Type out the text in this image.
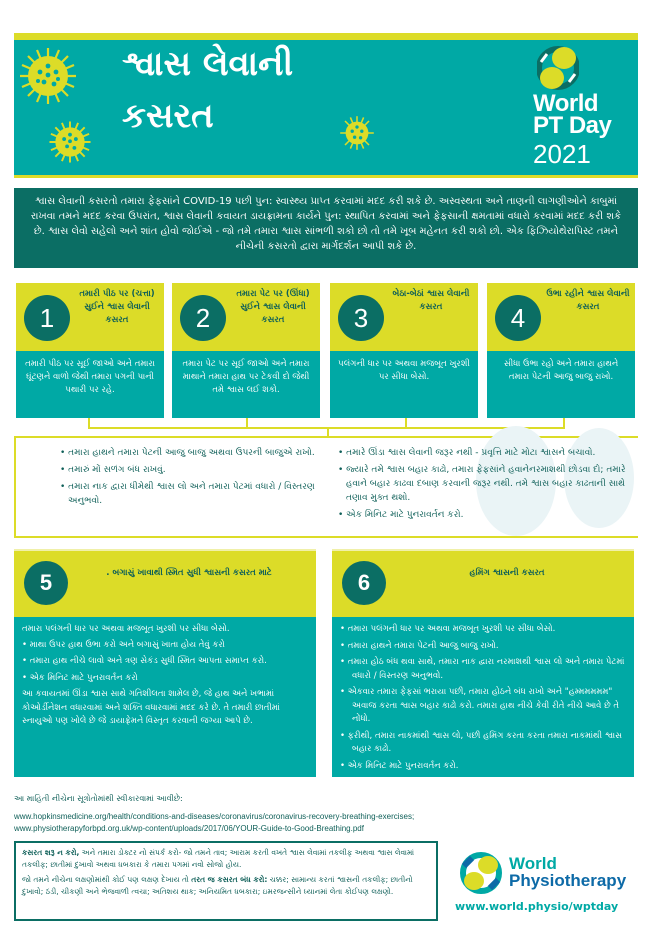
શ્વાસ લેવાની
કસરત	World
PT Day
2021
શ્વાસ લેવાની કસરતો તમારા ફેફસાંને COVID-19 પછી પુન: સ્વાસ્થ્ય પ્રાપ્ત કરવામાં મદદ કરી શકે છે. અસ્વસ્થતા અને તાણની લાગણીઓને કાબુમાં રાખવા તમને મદદ કરવા ઉપરાંત, શ્વાસ લેવાની કવાયત ડાયફ્રામના કાર્યને પુન: સ્થાપિત કરવામાં અને ફેફસાની ક્ષમતામાં વધારો કરવામાં મદદ કરી શકે છે. શ્વાસ લેવો સહેલો અને શાંત હોવો જોઈએ - જો તમે તમારા શ્વાસ સાંભળી શકો છો તો તમે ખૂબ મહેનત કરી શકો છો. એક ફિઝિયોથેરાપિસ્ટ તમને નીચેની કસરતો દ્વારા માર્ગદર્શન આપી શકે છે.
1
તમારી પીઠ પર (ચત્તા) સુઈને શ્વાસ લેવાની કસરત
તમારી પીઠ પર સૂઈ જાઓ અને તમારા ઘૂંટણને વાળો જેથી તમારા પગની પાની પથારી પર રહે.
2
તમારા પેટ પર (ઊંધા) સુઈને શ્વાસ લેવાની કસરત
તમારા પેટ પર સૂઈ જાઓ અને તમારા માથાને તમારા હાથ પર ટેકવી દો જેથી તમે શ્વાસ લઈ શકો.
3
બેઠા-બેઠાં શ્વાસ લેવાની કસરત
પલંગની ધાર પર અથવા મજબૂત ખુરશી પર સીધા બેસો.
4
ઉભા રહીને શ્વાસ લેવાની કસરત
સીધા ઉભા રહો અને તમારા હાથને તમારા પેટની આજુ બાજુ રાખો.
• તમારા હાથને તમારા પેટની આજુ બાજુ અથવા ઉપરની બાજુએ રાખો.
• તમારું મોં સળંગ બંધ રાખવું.
• તમારા નાક દ્વારા ધીમેથી શ્વાસ લો અને તમારા પેટમાં વધારો / વિસ્તરણ અનુભવો.
• તમારે ઊંડા શ્વાસ લેવાની જરૂર નથી - પ્રવૃત્તિ માટે મોટા શ્વાસને બચાવો.
• જ્યારે તમે શ્વાસ બહાર કાઢો, તમારા ફેફસાંને હવાનેનરમાશથી છોડવા દો; તમારે હવાને બહાર કાઢવા દબાણ કરવાની જરૂર નથી. તમે શ્વાસ બહાર કાઢતાની સાથે તણાવ મુક્ત થશો.
• એક મિનિટ માટે પુનરાવર્તન કરો.
5	. બગાસું ખાવાથી સ્મિત સુધી શ્વાસની કસરત માટે

તમારા પલંગની ધાર પર અથવા મજબૂત ખુરશી પર સીધા બેસો.

• માથા ઉપર હાથ ઉભા કરો અને બગાસું ખાતા હોય તેવું કરો
• તમારા હાથ નીચે લાવો અને ત્રણ સેકંડ સુધી સ્મિત આપતા સમાપ્ત કરો.
• એક મિનિટ માટે પુનરાવર્તન કરો

આ કવાયતમાં ઊંડા શ્વાસ સાથે ગતિશીલતા શામેલ છે, જે હાથ અને ખભામાં કોઓર્ડીનેશન વધારવામાં અને શક્તિ વધારવામાં મદદ કરે છે. તે તમારી છાતીમાં સ્નાયુઓ પણ ખોલે છે જે ડાયાફ્રેમને વિસ્તૃત કરવાની જગ્યા આપે છે.

6	હમિંગ શ્વાસની કસરત
• તમારા પલંગની ધાર પર અથવા મજબૂત ખુરશી પર સીધા બેસો.
• તમારા હાથને તમારા પેટની આજુ બાજુ રાખો.
• તમારા હોઠ બંધ થવા સાથે, તમારા નાક દ્વારા નરમાશથી શ્વાસ લો અને તમારા પેટમાં વધારો / વિસ્તરણ અનુભવો.
• એકવાર તમારા ફેફસાં ભરાયા પછી, તમારા હોઠને બંધ રાખો અને "હમ્મમમમમ" અવાજ કરતા શ્વાસ બહાર કાઢો કરો. તમારા હાથ નીચે કેવી રીતે નીચે આવે છે તે નોંધો.
• ફરીથી, તમારા નાકમાંથી શ્વાસ લો, પછી હમિંગ કરતા કરતા તમારા નાકમાંથી શ્વાસ બહાર કાઢો.
• એક મિનિટ માટે પુનરાવર્તન કરો.
આ માહિતી નીચેના સૂત્રોતોમાંથી સ્વીકારવામાં આવીછે:
www.hopkinsmedicine.org/health/conditions-and-diseases/coronavirus/coronavirus-recovery-breathing-exercises;
www.physiotherapyforbpd.org.uk/wp-content/uploads/2017/06/YOUR-Guide-to-Good-Breathing.pdf

કસરત શરૂ ન કરો, અને તમારા ડોક્ટર નો સંપર્ક કરો- જો તમને તાવ; આરામ કરતી વખતે શ્વાસ લેવામાં તકલીફ અથવા શ્વાસ લેવામાં તકલીફ; છાતીમાં દુખાવો અથવા ધબકારા કે તમારા પગમાં નવો સોજો હોય.

જો તમને નીચેના લક્ષણોમાંથી કોઈ પણ લક્ષણ દેખાય તો તરત જ કસરત બંધ કરો: ચક્કર; સામાન્ય કરતાં શ્વાસની તકલીફ; છાતીનો દુખાવો; ઠંડી, ચીકણી અને ભેજવાળી ત્વચા; અતિશય થાક; અનિયમિત ધબકારા; ઇમરજન્સીને ધ્યાનમાં લેતા કોઈપણ લક્ષણો.

World
Physiotherapy
www.world.physio/wptday
